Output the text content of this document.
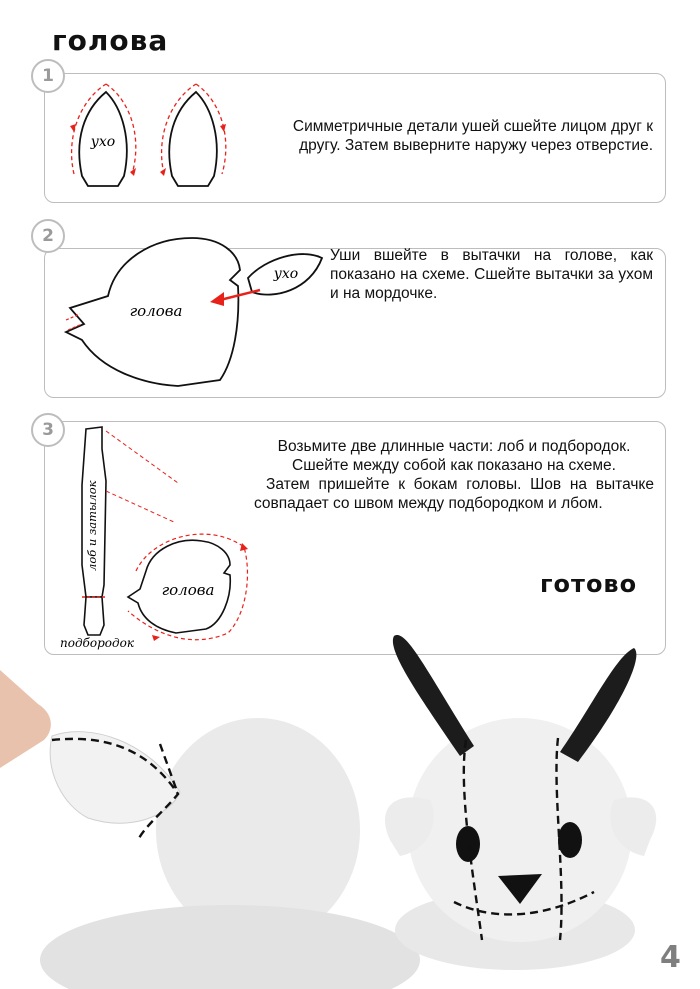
голова
1
ухо
Симметричные детали ушей сшейте лицом друг к другу. Затем выверните наружу через отверстие.
2
голова
ухо
Уши вшейте в вытачки на голове, как показано на схеме. Сшейте вытачки за ухом и на мордочке.
3
лоб и затылок
подбородок
голова
Возьмите две длинные части: лоб и подбородок.
Сшейте между собой как показано на схеме.
Затем пришейте к бокам головы. Шов на вытачке совпадает со швом между подбородком и лбом.
готово
4
